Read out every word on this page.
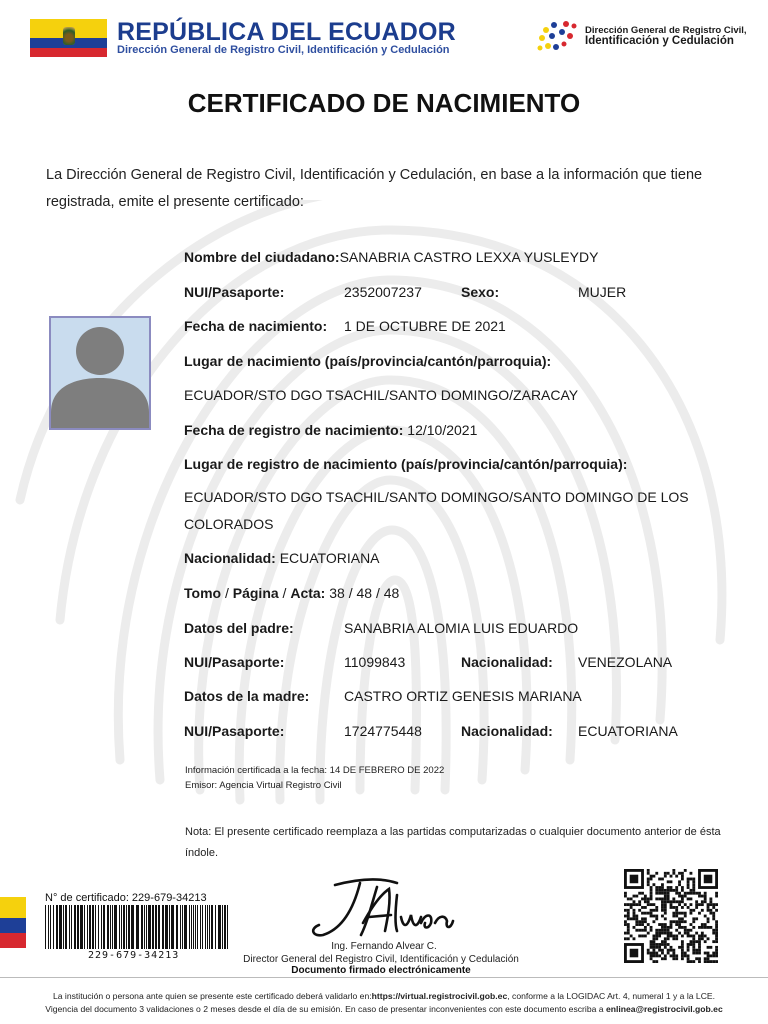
REPÚBLICA DEL ECUADOR
Dirección General de Registro Civil, Identificación y Cedulación
Dirección General de Registro Civil,
Identificación y Cedulación
CERTIFICADO DE NACIMIENTO
La Dirección General de Registro Civil, Identificación y Cedulación, en base a la información que tiene registrada, emite el presente certificado:
Nombre del ciudadano:SANABRIA CASTRO LEXXA YUSLEYDY
NUI/Pasaporte:	2352007237	Sexo:	MUJER
Fecha de nacimiento: 1 DE OCTUBRE DE 2021
Lugar de nacimiento (país/provincia/cantón/parroquia):
ECUADOR/STO DGO TSACHIL/SANTO DOMINGO/ZARACAY
Fecha de registro de nacimiento: 12/10/2021
Lugar de registro de nacimiento (país/provincia/cantón/parroquia):
ECUADOR/STO DGO TSACHIL/SANTO DOMINGO/SANTO DOMINGO DE LOS COLORADOS
Nacionalidad: ECUATORIANA
Tomo / Página / Acta: 38 / 48 / 48
Datos del padre:	SANABRIA ALOMIA LUIS EDUARDO
NUI/Pasaporte:	11099843	Nacionalidad: VENEZOLANA
Datos de la madre: CASTRO ORTIZ GENESIS MARIANA
NUI/Pasaporte:	1724775448	Nacionalidad: ECUATORIANA
Información certificada a la fecha: 14 DE FEBRERO DE 2022
Emisor: Agencia Virtual Registro Civil
Nota: El presente certificado reemplaza a las partidas computarizadas o cualquier documento anterior de ésta índole.
N° de certificado: 229-679-34213
229-679-34213
Ing. Fernando Alvear C.
Director General del Registro Civil, Identificación y Cedulación
Documento firmado electrónicamente
La institución o persona ante quien se presente este certificado deberá validarlo en:https://virtual.registrocivil.gob.ec, conforme a la LOGIDAC Art. 4, numeral 1 y a la LCE.
Vigencia del documento 3 validaciones o 2 meses desde el día de su emisión. En caso de presentar inconvenientes con este documento escriba a enlinea@registrocivil.gob.ec
